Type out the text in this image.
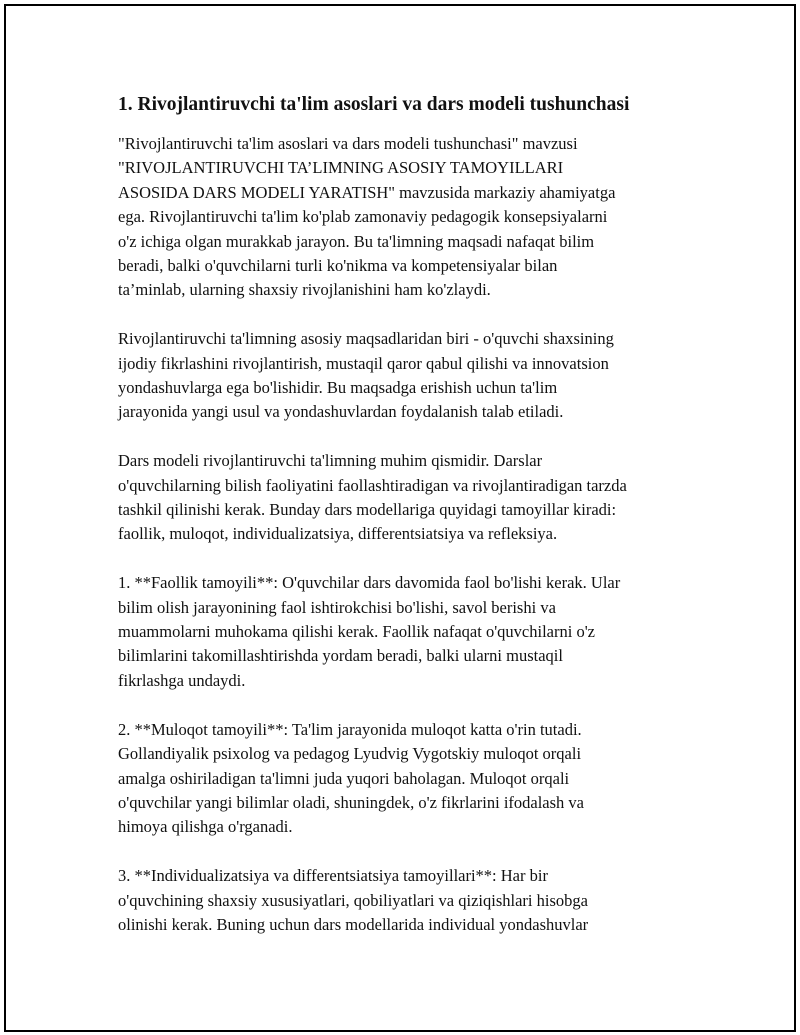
1. Rivojlantiruvchi ta'lim asoslari va dars modeli tushunchasi
"Rivojlantiruvchi ta'lim asoslari va dars modeli tushunchasi" mavzusi
"RIVOJLANTIRUVCHI TA’LIMNING ASOSIY TAMOYILLARI
ASOSIDA DARS MODELI YARATISH" mavzusida markaziy ahamiyatga
ega. Rivojlantiruvchi ta'lim ko'plab zamonaviy pedagogik konsepsiyalarni
o'z ichiga olgan murakkab jarayon. Bu ta'limning maqsadi nafaqat bilim
beradi, balki o'quvchilarni turli ko'nikma va kompetensiyalar bilan
ta’minlab, ularning shaxsiy rivojlanishini ham ko'zlaydi.
Rivojlantiruvchi ta'limning asosiy maqsadlaridan biri - o'quvchi shaxsining
ijodiy fikrlashini rivojlantirish, mustaqil qaror qabul qilishi va innovatsion
yondashuvlarga ega bo'lishidir. Bu maqsadga erishish uchun ta'lim
jarayonida yangi usul va yondashuvlardan foydalanish talab etiladi.
Dars modeli rivojlantiruvchi ta'limning muhim qismidir. Darslar
o'quvchilarning bilish faoliyatini faollashtiradigan va rivojlantiradigan tarzda
tashkil qilinishi kerak. Bunday dars modellariga quyidagi tamoyillar kiradi:
faollik, muloqot, individualizatsiya, differentsiatsiya va refleksiya.
1. **Faollik tamoyili**: O'quvchilar dars davomida faol bo'lishi kerak. Ular
bilim olish jarayonining faol ishtirokchisi bo'lishi, savol berishi va
muammolarni muhokama qilishi kerak. Faollik nafaqat o'quvchilarni o'z
bilimlarini takomillashtirishda yordam beradi, balki ularni mustaqil
fikrlashga undaydi.
2. **Muloqot tamoyili**: Ta'lim jarayonida muloqot katta o'rin tutadi.
Gollandiyalik psixolog va pedagog Lyudvig Vygotskiy muloqot orqali
amalga oshiriladigan ta'limni juda yuqori baholagan. Muloqot orqali
o'quvchilar yangi bilimlar oladi, shuningdek, o'z fikrlarini ifodalash va
himoya qilishga o'rganadi.
3. **Individualizatsiya va differentsiatsiya tamoyillari**: Har bir
o'quvchining shaxsiy xususiyatlari, qobiliyatlari va qiziqishlari hisobga
olinishi kerak. Buning uchun dars modellarida individual yondashuvlar
